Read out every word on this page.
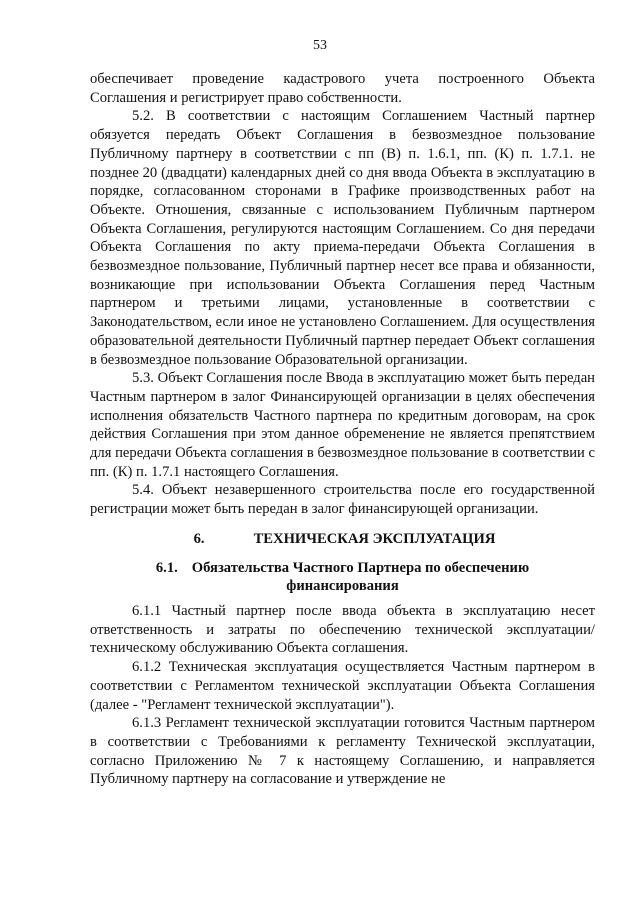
53

обеспечивает проведение кадастрового учета построенного Объекта Соглашения и регистрирует право собственности.

5.2. В соответствии с настоящим Соглашением Частный партнер обязуется передать Объект Соглашения в безвозмездное пользование Публичному партнеру в соответствии с пп (В) п. 1.6.1, пп. (К) п. 1.7.1. не позднее 20 (двадцати) календарных дней со дня ввода Объекта в эксплуатацию в порядке, согласованном сторонами в Графике производственных работ на Объекте. Отношения, связанные с использованием Публичным партнером Объекта Соглашения, регулируются настоящим Соглашением. Со дня передачи Объекта Соглашения по акту приема-передачи Объекта Соглашения в безвозмездное пользование, Публичный партнер несет все права и обязанности, возникающие при использовании Объекта Соглашения перед Частным партнером и третьими лицами, установленные в соответствии с Законодательством, если иное не установлено Соглашением. Для осуществления образовательной деятельности Публичный партнер передает Объект соглашения в безвозмездное пользование Образовательной организации.

5.3. Объект Соглашения после Ввода в эксплуатацию может быть передан Частным партнером в залог Финансирующей организации в целях обеспечения исполнения обязательств Частного партнера по кредитным договорам, на срок действия Соглашения при этом данное обременение не является препятствием для передачи Объекта соглашения в безвозмездное пользование в соответствии с пп. (К) п. 1.7.1 настоящего Соглашения.

5.4. Объект незавершенного строительства после его государственной регистрации может быть передан в залог финансирующей организации.

6.	ТЕХНИЧЕСКАЯ ЭКСПЛУАТАЦИЯ
6.1. Обязательства Частного Партнера по обеспечению
финансирования

6.1.1 Частный партнер после ввода объекта в эксплуатацию несет ответственность и затраты по обеспечению технической эксплуатации/техническому обслуживанию Объекта соглашения.

6.1.2 Техническая эксплуатация осуществляется Частным партнером в соответствии с Регламентом технической эксплуатации Объекта Соглашения (далее - "Регламент технической эксплуатации").

6.1.3 Регламент технической эксплуатации готовится Частным партнером в соответствии с Требованиями к регламенту Технической эксплуатации, согласно Приложению № 7 к настоящему Соглашению, и направляется Публичному партнеру на согласование и утверждение не
